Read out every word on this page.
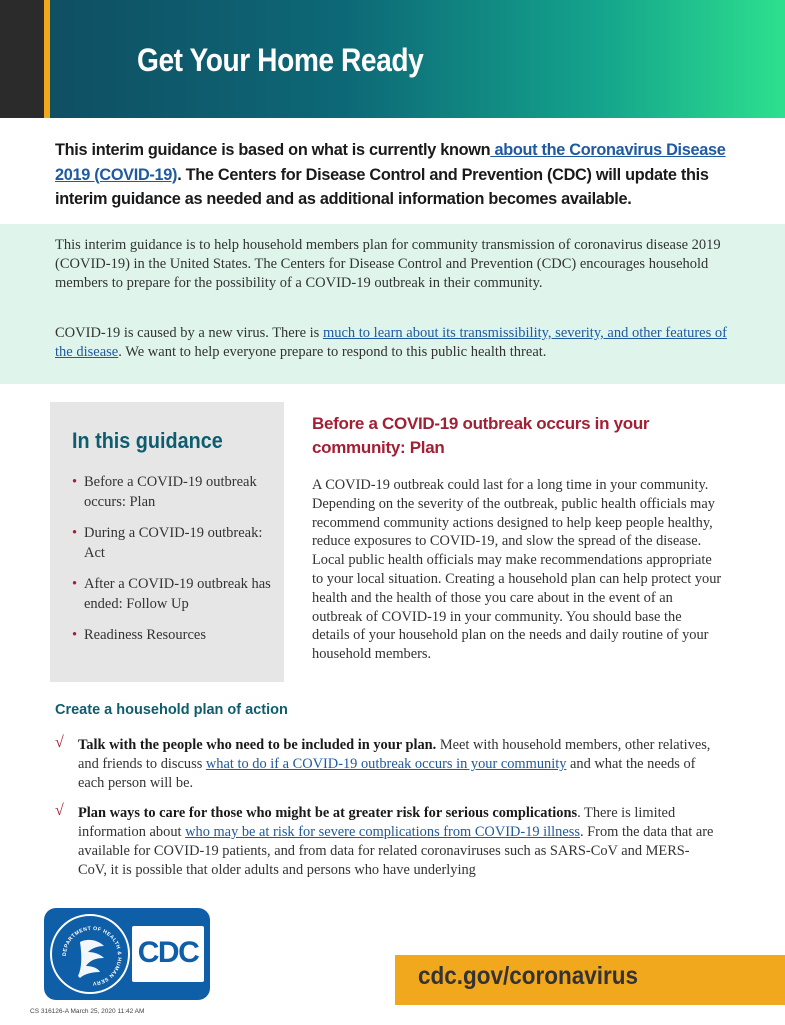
Get Your Home Ready

This interim guidance is based on what is currently known about the Coronavirus Disease 2019 (COVID-19). The Centers for Disease Control and Prevention (CDC) will update this interim guidance as needed and as additional information becomes available.

This interim guidance is to help household members plan for community transmission of coronavirus disease 2019 (COVID-19) in the United States. The Centers for Disease Control and Prevention (CDC) encourages household members to prepare for the possibility of a COVID-19 outbreak in their community.

COVID-19 is caused by a new virus. There is much to learn about its transmissibility, severity, and other features of the disease. We want to help everyone prepare to respond to this public health threat.

In this guidance
• Before a COVID-19 outbreak occurs: Plan
• During a COVID-19 outbreak: Act
• After a COVID-19 outbreak has ended: Follow Up
• Readiness Resources
Before a COVID-19 outbreak occurs in your community: Plan

A COVID-19 outbreak could last for a long time in your community. Depending on the severity of the outbreak, public health officials may recommend community actions designed to help keep people healthy, reduce exposures to COVID-19, and slow the spread of the disease. Local public health officials may make recommendations appropriate to your local situation. Creating a household plan can help protect your health and the health of those you care about in the event of an outbreak of COVID-19 in your community. You should base the details of your household plan on the needs and daily routine of your household members.

Create a household plan of action
√ Talk with the people who need to be included in your plan. Meet with household members, other relatives, and friends to discuss what to do if a COVID-19 outbreak occurs in your community and what the needs of each person will be.

√ Plan ways to care for those who might be at greater risk for serious complications. There is limited information about who may be at risk for severe complications from COVID-19 illness. From the data that are available for COVID-19 patients, and from data for related coronaviruses such as SARS-CoV and MERS-CoV, it is possible that older adults and persons who have underlying

DEPARTMENT OF HEALTH & HUMAN SERV
CDC
cdc.gov/coronavirus
CS 316126-A March 25, 2020 11:42 AM
